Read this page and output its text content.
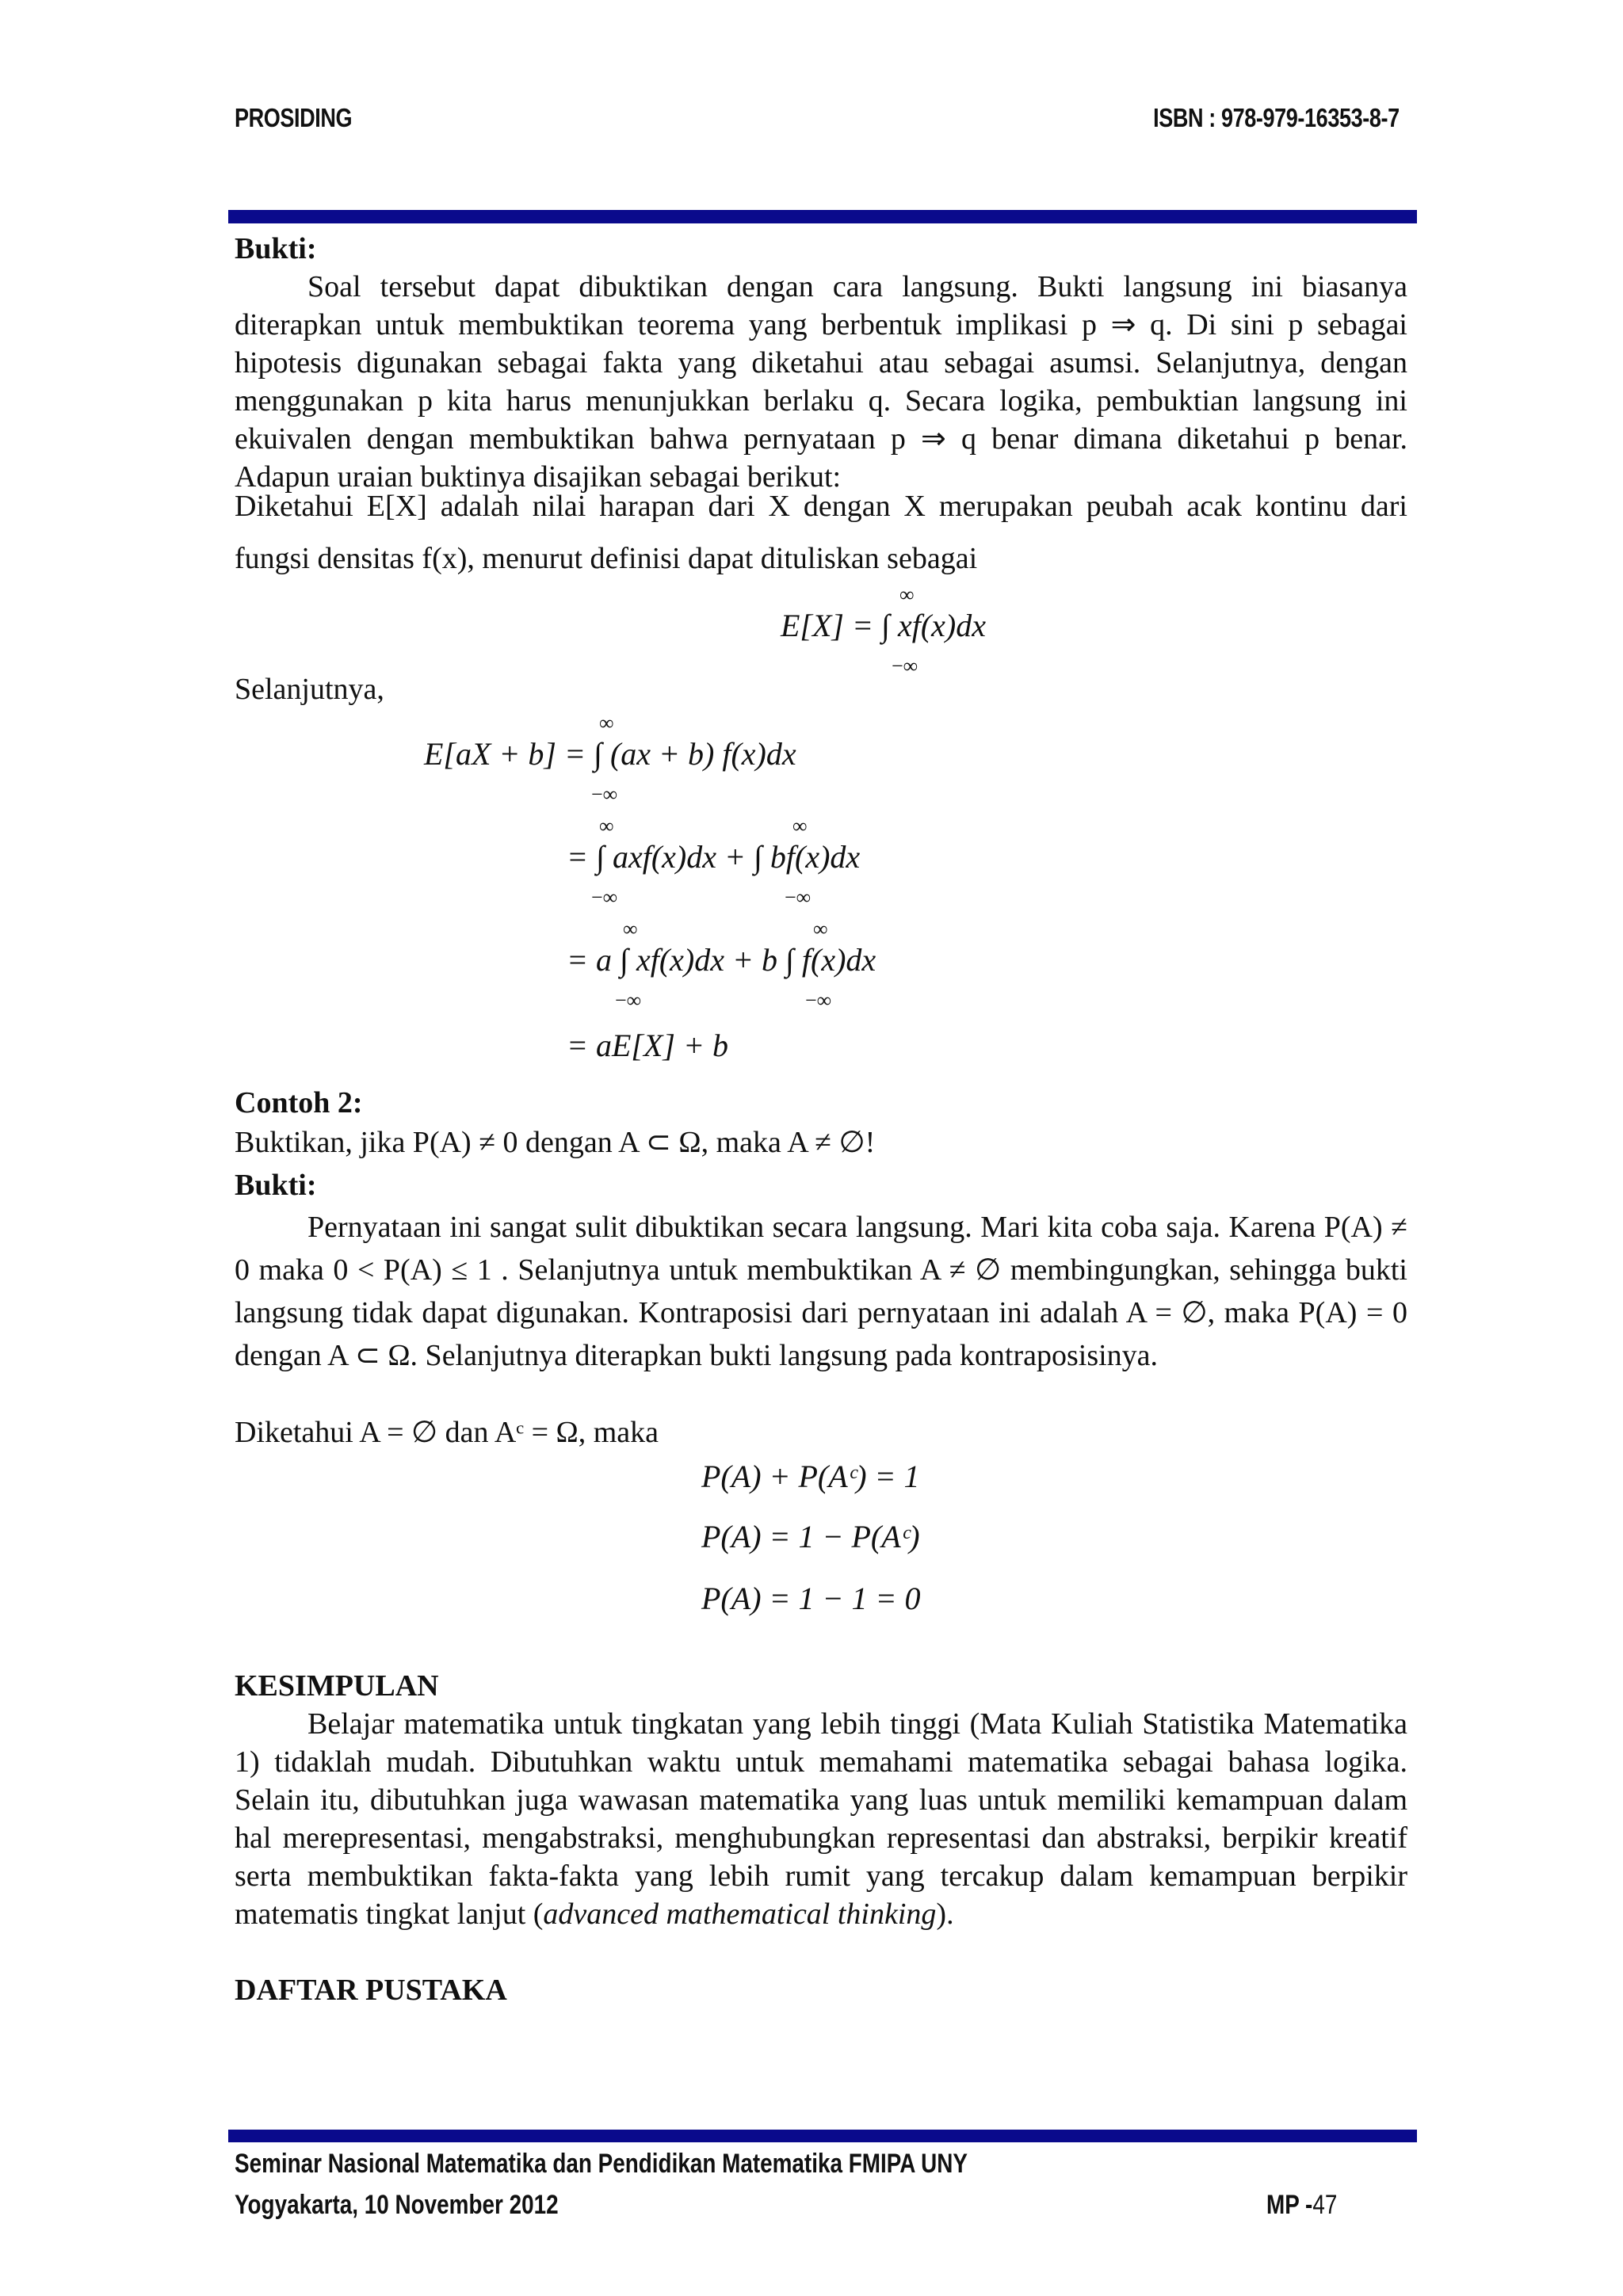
PROSIDING	ISBN : 978-979-16353-8-7
Bukti:
Soal tersebut dapat dibuktikan dengan cara langsung. Bukti langsung ini biasanya diterapkan untuk membuktikan teorema yang berbentuk implikasi p ⇒ q. Di sini p sebagai hipotesis digunakan sebagai fakta yang diketahui atau sebagai asumsi. Selanjutnya, dengan menggunakan p kita harus menunjukkan berlaku q. Secara logika, pembuktian langsung ini ekuivalen dengan membuktikan bahwa pernyataan p ⇒ q benar dimana diketahui p benar. Adapun uraian buktinya disajikan sebagai berikut:
Diketahui E[X] adalah nilai harapan dari X dengan X merupakan peubah acak kontinu dari fungsi densitas f(x), menurut definisi dapat dituliskan sebagai
E[X] = ∫ xf(x)dx
∞
−∞
Selanjutnya,
E[aX + b] = ∫ (ax + b) f(x)dx
∞
−∞
= ∫ axf(x)dx + ∫ bf(x)dx
∞
−∞
∞
−∞
= a ∫ xf(x)dx + b ∫ f(x)dx
∞
−∞
∞
−∞
= aE[X] + b
Contoh 2:
Buktikan, jika P(A) ≠ 0 dengan A ⊂ Ω, maka A ≠ ∅!
Bukti:
Pernyataan ini sangat sulit dibuktikan secara langsung. Mari kita coba saja. Karena P(A) ≠ 0 maka 0 < P(A) ≤ 1 . Selanjutnya untuk membuktikan A ≠ ∅ membingungkan, sehingga bukti langsung tidak dapat digunakan. Kontraposisi dari pernyataan ini adalah A = ∅, maka P(A) = 0 dengan A ⊂ Ω. Selanjutnya diterapkan bukti langsung pada kontraposisinya.
Diketahui A = ∅ dan Aᶜ = Ω, maka
P(A) + P(Aᶜ) = 1
P(A) = 1 − P(Aᶜ)
P(A) = 1 − 1 = 0
KESIMPULAN
Belajar matematika untuk tingkatan yang lebih tinggi (Mata Kuliah Statistika Matematika 1) tidaklah mudah. Dibutuhkan waktu untuk memahami matematika sebagai bahasa logika. Selain itu, dibutuhkan juga wawasan matematika yang luas untuk memiliki kemampuan dalam hal merepresentasi, mengabstraksi, menghubungkan representasi dan abstraksi, berpikir kreatif serta membuktikan fakta-fakta yang lebih rumit yang tercakup dalam kemampuan berpikir matematis tingkat lanjut (advanced mathematical thinking).
DAFTAR PUSTAKA
Seminar Nasional Matematika dan Pendidikan Matematika FMIPA UNY
Yogyakarta, 10 November 2012	MP -47
